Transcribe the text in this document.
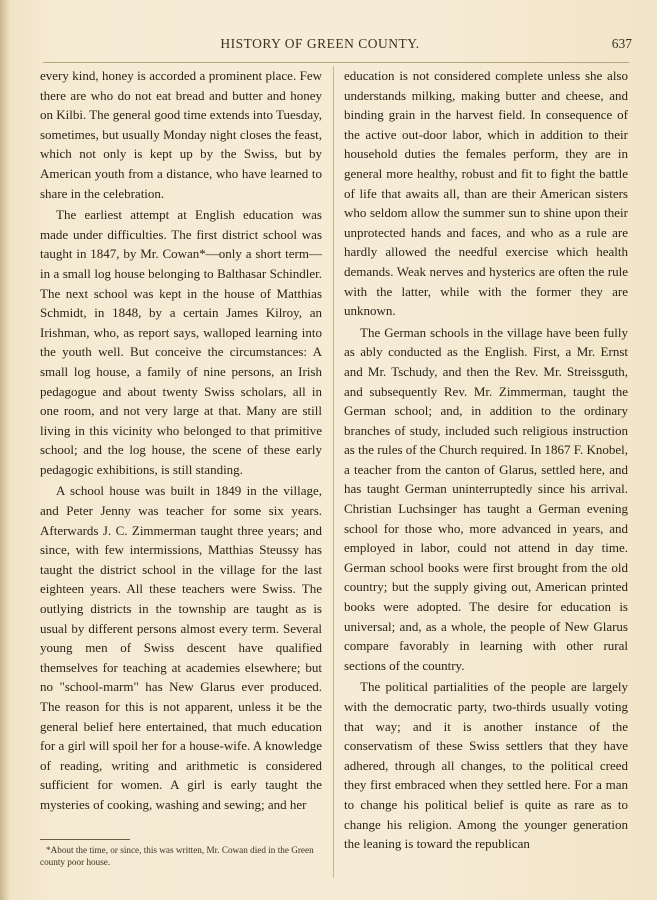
HISTORY OF GREEN COUNTY.	637

every kind, honey is accorded a prominent place. Few there are who do not eat bread and butter and honey on Kilbi. The general good time extends into Tuesday, sometimes, but usually Monday night closes the feast, which not only is kept up by the Swiss, but by American youth from a distance, who have learned to share in the celebration.

The earliest attempt at English education was made under difficulties. The first district school was taught in 1847, by Mr. Cowan*—only a short term—in a small log house belonging to Balthasar Schindler. The next school was kept in the house of Matthias Schmidt, in 1848, by a certain James Kilroy, an Irishman, who, as report says, walloped learning into the youth well. But conceive the circumstances: A small log house, a family of nine persons, an Irish pedagogue and about twenty Swiss scholars, all in one room, and not very large at that. Many are still living in this vicinity who belonged to that primitive school; and the log house, the scene of these early pedagogic exhibitions, is still standing.

A school house was built in 1849 in the village, and Peter Jenny was teacher for some six years. Afterwards J. C. Zimmerman taught three years; and since, with few intermissions, Matthias Steussy has taught the district school in the village for the last eighteen years. All these teachers were Swiss. The outlying districts in the township are taught as is usual by different persons almost every term. Several young men of Swiss descent have qualified themselves for teaching at academies elsewhere; but no "school-marm" has New Glarus ever produced. The reason for this is not apparent, unless it be the general belief here entertained, that much education for a girl will spoil her for a house-wife. A knowledge of reading, writing and arithmetic is considered sufficient for women. A girl is early taught the mysteries of cooking, washing and sewing; and her

education is not considered complete unless she also understands milking, making butter and cheese, and binding grain in the harvest field. In consequence of the active out-door labor, which in addition to their household duties the females perform, they are in general more healthy, robust and fit to fight the battle of life that awaits all, than are their American sisters who seldom allow the summer sun to shine upon their unprotected hands and faces, and who as a rule are hardly allowed the needful exercise which health demands. Weak nerves and hysterics are often the rule with the latter, while with the former they are unknown.

The German schools in the village have been fully as ably conducted as the English. First, a Mr. Ernst and Mr. Tschudy, and then the Rev. Mr. Streissguth, and subsequently Rev. Mr. Zimmerman, taught the German school; and, in addition to the ordinary branches of study, included such religious instruction as the rules of the Church required. In 1867 F. Knobel, a teacher from the canton of Glarus, settled here, and has taught German uninterruptedly since his arrival. Christian Luchsinger has taught a German evening school for those who, more advanced in years, and employed in labor, could not attend in day time. German school books were first brought from the old country; but the supply giving out, American printed books were adopted. The desire for education is universal; and, as a whole, the people of New Glarus compare favorably in learning with other rural sections of the country.

The political partialities of the people are largely with the democratic party, two-thirds usually voting that way; and it is another instance of the conservatism of these Swiss settlers that they have adhered, through all changes, to the political creed they first embraced when they settled here. For a man to change his political belief is quite as rare as to change his religion. Among the younger generation the leaning is toward the republican

*About the time, or since, this was written, Mr. Cowan died in the Green county poor house.
